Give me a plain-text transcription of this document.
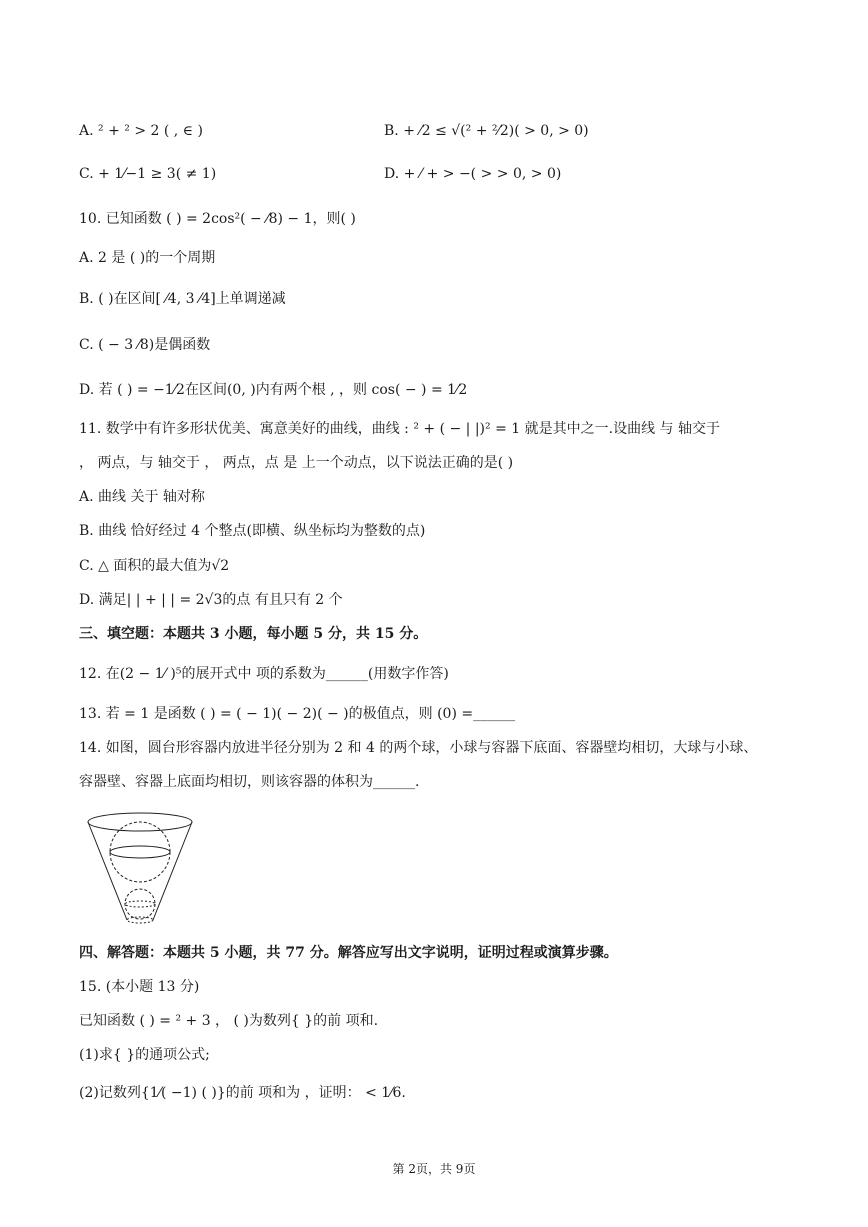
A. ² + ² > 2 ( , ∈ )	B. + ⁄2 ≤ √(² + ²⁄2)( > 0, > 0)
C. + 1⁄−1 ≥ 3( ≠ 1)	D. + ⁄ + > −( > > 0, > 0)
10. 已知函数 ( ) = 2cos²( − ⁄8) − 1，则( )
A. 2 是 ( )的一个周期
B. ( )在区间[ ⁄4, 3 ⁄4]上单调递减
C. ( − 3 ⁄8)是偶函数
D. 若 ( ) = −1⁄2在区间(0, )内有两个根 , ，则 cos( − ) = 1⁄2
11. 数学中有许多形状优美、寓意美好的曲线，曲线 : ² + ( − | |)² = 1 就是其中之一.设曲线 与 轴交于
， 两点，与 轴交于 ， 两点，点 是 上一个动点，以下说法正确的是( )
A. 曲线 关于 轴对称
B. 曲线 恰好经过 4 个整点(即横、纵坐标均为整数的点)
C. △ 面积的最大值为√2
D. 满足| | + | | = 2√3的点 有且只有 2 个
三、填空题：本题共 3 小题，每小题 5 分，共 15 分。
12. 在(2 − 1⁄ )⁵的展开式中 项的系数为______(用数字作答)
13. 若 = 1 是函数 ( ) = ( − 1)( − 2)( − )的极值点，则 (0) =______
14. 如图，圆台形容器内放进半径分别为 2 和 4 的两个球，小球与容器下底面、容器壁均相切，大球与小球、
容器壁、容器上底面均相切，则该容器的体积为______.
四、解答题：本题共 5 小题，共 77 分。解答应写出文字说明，证明过程或演算步骤。
15. (本小题 13 分)
已知函数 ( ) = ² + 3 ， ( )为数列{ }的前 项和.
(1)求{ }的通项公式;
(2)记数列{1⁄( −1) ( )}的前 项和为 ，证明： < 1⁄6.
第 2页，共 9页
